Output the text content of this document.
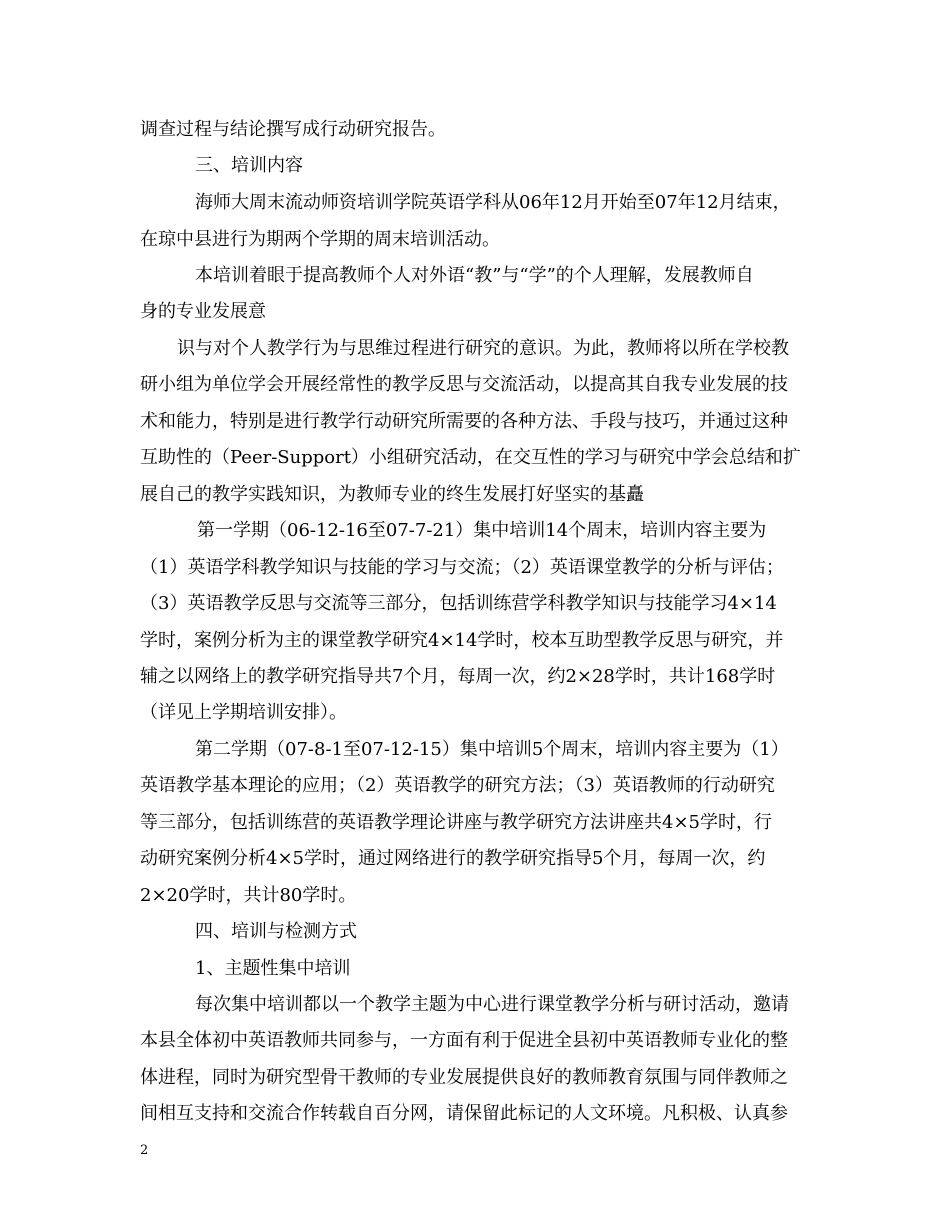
调查过程与结论撰写成行动研究报告。
三、培训内容
海师大周末流动师资培训学院英语学科从06年12月开始至07年12月结束，
在琼中县进行为期两个学期的周末培训活动。
本培训着眼于提高教师个人对外语“教”与“学”的个人理解，发展教师自
身的专业发展意
识与对个人教学行为与思维过程进行研究的意识。为此，教师将以所在学校教
研小组为单位学会开展经常性的教学反思与交流活动，以提高其自我专业发展的技
术和能力，特别是进行教学行动研究所需要的各种方法、手段与技巧，并通过这种
互助性的（Peer-Support）小组研究活动，在交互性的学习与研究中学会总结和扩
展自己的教学实践知识，为教师专业的终生发展打好坚实的基矗
第一学期（06-12-16至07-7-21）集中培训14个周末，培训内容主要为
（1）英语学科教学知识与技能的学习与交流；（2）英语课堂教学的分析与评估；
（3）英语教学反思与交流等三部分，包括训练营学科教学知识与技能学习4×14
学时，案例分析为主的课堂教学研究4×14学时，校本互助型教学反思与研究，并
辅之以网络上的教学研究指导共7个月，每周一次，约2×28学时，共计168学时
（详见上学期培训安排）。
第二学期（07-8-1至07-12-15）集中培训5个周末，培训内容主要为（1）
英语教学基本理论的应用；（2）英语教学的研究方法；（3）英语教师的行动研究
等三部分，包括训练营的英语教学理论讲座与教学研究方法讲座共4×5学时，行
动研究案例分析4×5学时，通过网络进行的教学研究指导5个月，每周一次，约
2×20学时，共计80学时。
四、培训与检测方式
1、主题性集中培训
每次集中培训都以一个教学主题为中心进行课堂教学分析与研讨活动，邀请
本县全体初中英语教师共同参与，一方面有利于促进全县初中英语教师专业化的整
体进程，同时为研究型骨干教师的专业发展提供良好的教师教育氛围与同伴教师之
间相互支持和交流合作转载自百分网，请保留此标记的人文环境。凡积极、认真参
2
